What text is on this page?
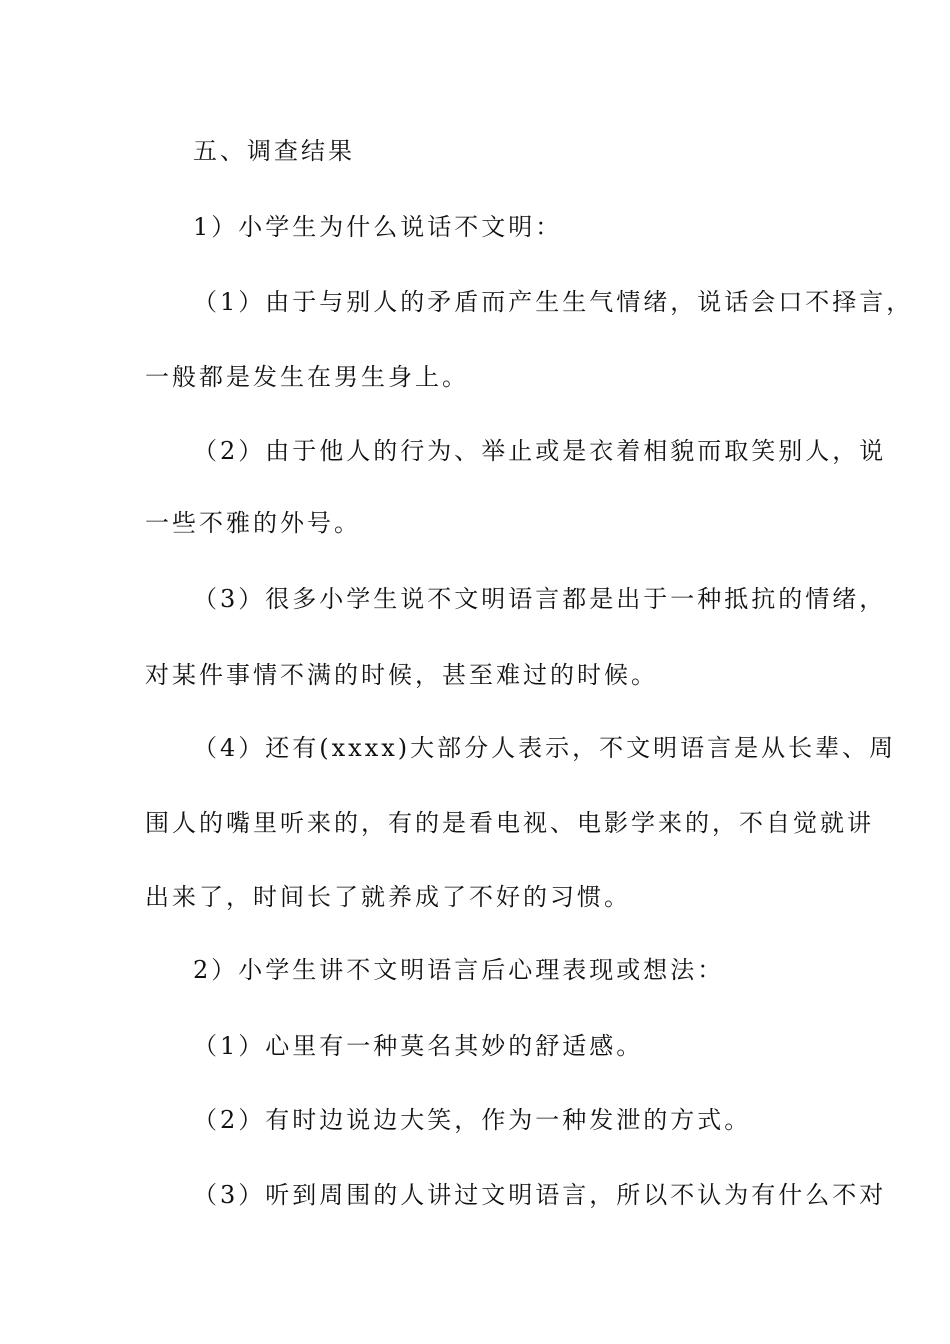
五、调查结果

1）小学生为什么说话不文明：

（1）由于与别人的矛盾而产生生气情绪，说话会口不择言，

一般都是发生在男生身上。

（2）由于他人的行为、举止或是衣着相貌而取笑别人，说

一些不雅的外号。

（3）很多小学生说不文明语言都是出于一种抵抗的情绪，

对某件事情不满的时候，甚至难过的时候。

（4）还有(xxxx)大部分人表示，不文明语言是从长辈、周

围人的嘴里听来的，有的是看电视、电影学来的，不自觉就讲

出来了，时间长了就养成了不好的习惯。

2）小学生讲不文明语言后心理表现或想法：

（1）心里有一种莫名其妙的舒适感。

（2）有时边说边大笑，作为一种发泄的方式。

（3）听到周围的人讲过文明语言，所以不认为有什么不对
